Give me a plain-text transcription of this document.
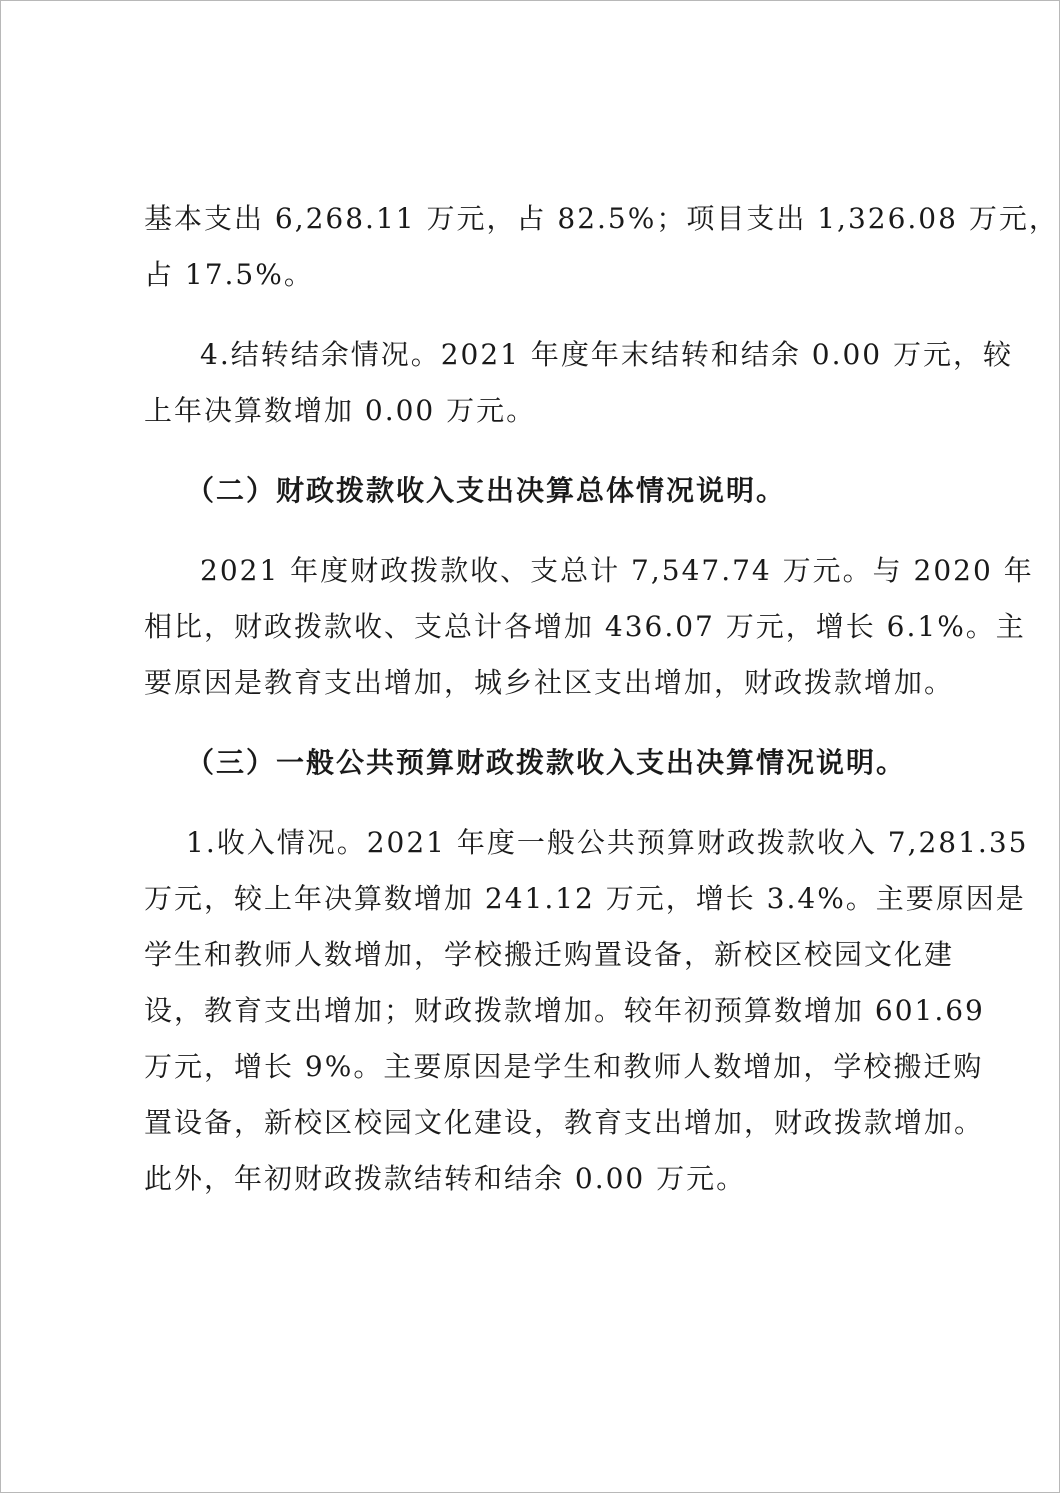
基本支出 6,268.11 万元，占 82.5%；项目支出 1,326.08 万元，
占 17.5%。
4.结转结余情况。2021 年度年末结转和结余 0.00 万元，较
上年决算数增加 0.00 万元。
（二）财政拨款收入支出决算总体情况说明。
2021 年度财政拨款收、支总计 7,547.74 万元。与 2020 年
相比，财政拨款收、支总计各增加 436.07 万元，增长 6.1%。主
要原因是教育支出增加，城乡社区支出增加，财政拨款增加。
（三）一般公共预算财政拨款收入支出决算情况说明。
1.收入情况。2021 年度一般公共预算财政拨款收入 7,281.35
万元，较上年决算数增加 241.12 万元，增长 3.4%。主要原因是
学生和教师人数增加，学校搬迁购置设备，新校区校园文化建
设，教育支出增加；财政拨款增加。较年初预算数增加 601.69
万元，增长 9%。主要原因是学生和教师人数增加，学校搬迁购
置设备，新校区校园文化建设，教育支出增加，财政拨款增加。
此外，年初财政拨款结转和结余 0.00 万元。
